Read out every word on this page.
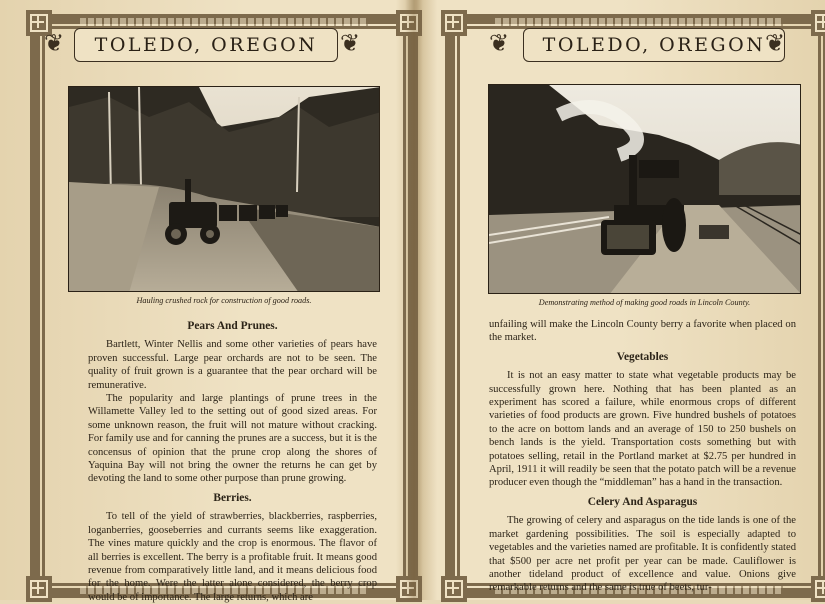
❦	TOLEDO, OREGON ❦
Hauling crushed rock for construction of good roads.
Pears And Prunes.

Bartlett, Winter Nellis and some other varieties of pears have proven successful. Large pear orchards are not to be seen. The quality of fruit grown is a guarantee that the pear orchard will be remunerative.

The popularity and large plantings of prune trees in the Willamette Valley led to the setting out of good sized areas. For some unknown reason, the fruit will not mature without cracking. For family use and for canning the prunes are a success, but it is the concensus of opinion that the prune crop along the shores of Yaquina Bay will not bring the owner the returns he can get by devoting the land to some other purpose than prune growing.

Berries.

To tell of the yield of strawberries, blackberries, raspberries, loganberries, gooseberries and currants seems like exaggeration. The vines mature quickly and the crop is enormous. The flavor of all berries is excellent. The berry is a profitable fruit. It means good revenue from comparatively little land, and it means delicious food for the home. Were the latter alone considered, the berry crop would be of importance. The large returns, which are

❦	TOLEDO, OREGON ❦
Demonstrating method of making good roads in Lincoln County.

unfailing will make the Lincoln County berry a favorite when placed on the market.

Vegetables

It is not an easy matter to state what vegetable products may be successfully grown here. Nothing that has been planted as an experiment has scored a failure, while enormous crops of different varieties of food products are grown. Five hundred bushels of potatoes to the acre on bottom lands and an average of 150 to 250 bushels on bench lands is the yield. Transportation costs something but with potatoes selling, retail in the Portland market at $2.75 per hundred in April, 1911 it will readily be seen that the potato patch will be a revenue producer even though the “middleman” has a hand in the transaction.

Celery And Asparagus

The growing of celery and asparagus on the tide lands is one of the market gardening possibilities. The soil is especially adapted to vegetables and the varieties named are profitable. It is confidently stated that $500 per acre net profit per year can be made. Cauliflower is another tideland product of excellence and value. Onions give remarkable returns and the same is true of beets, tur-
